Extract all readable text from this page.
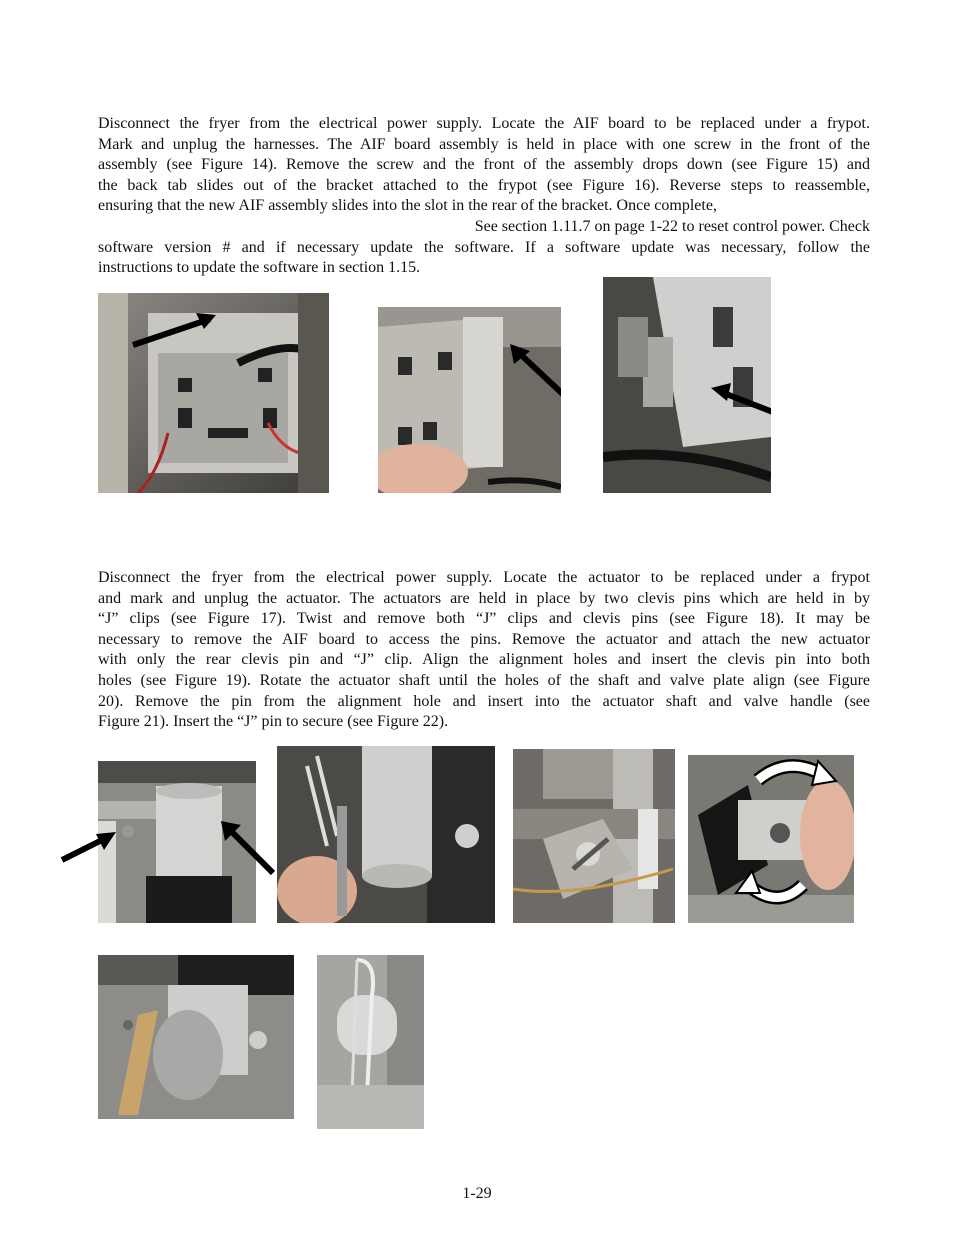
Disconnect the fryer from the electrical power supply. Locate the AIF board to be replaced under a frypot.
Mark and unplug the harnesses. The AIF board assembly is held in place with one screw in the front of the
assembly (see Figure 14). Remove the screw and the front of the assembly drops down (see Figure 15) and
the back tab slides out of the bracket attached to the frypot (see Figure 16). Reverse steps to reassemble,
ensuring that the new AIF assembly slides into the slot in the rear of the bracket. Once complete,
See section 1.11.7 on page 1-22 to reset control power. Check
software version # and if necessary update the software. If a software update was necessary, follow the
instructions to update the software in section 1.15.
Disconnect the fryer from the electrical power supply. Locate the actuator to be replaced under a frypot
and mark and unplug the actuator. The actuators are held in place by two clevis pins which are held in by
“J” clips (see Figure 17). Twist and remove both “J” clips and clevis pins (see Figure 18). It may be
necessary to remove the AIF board to access the pins. Remove the actuator and attach the new actuator
with only the rear clevis pin and “J” clip. Align the alignment holes and insert the clevis pin into both
holes (see Figure 19). Rotate the actuator shaft until the holes of the shaft and valve plate align (see Figure
20). Remove the pin from the alignment hole and insert into the actuator shaft and valve handle (see
Figure 21). Insert the “J” pin to secure (see Figure 22).
1-29
